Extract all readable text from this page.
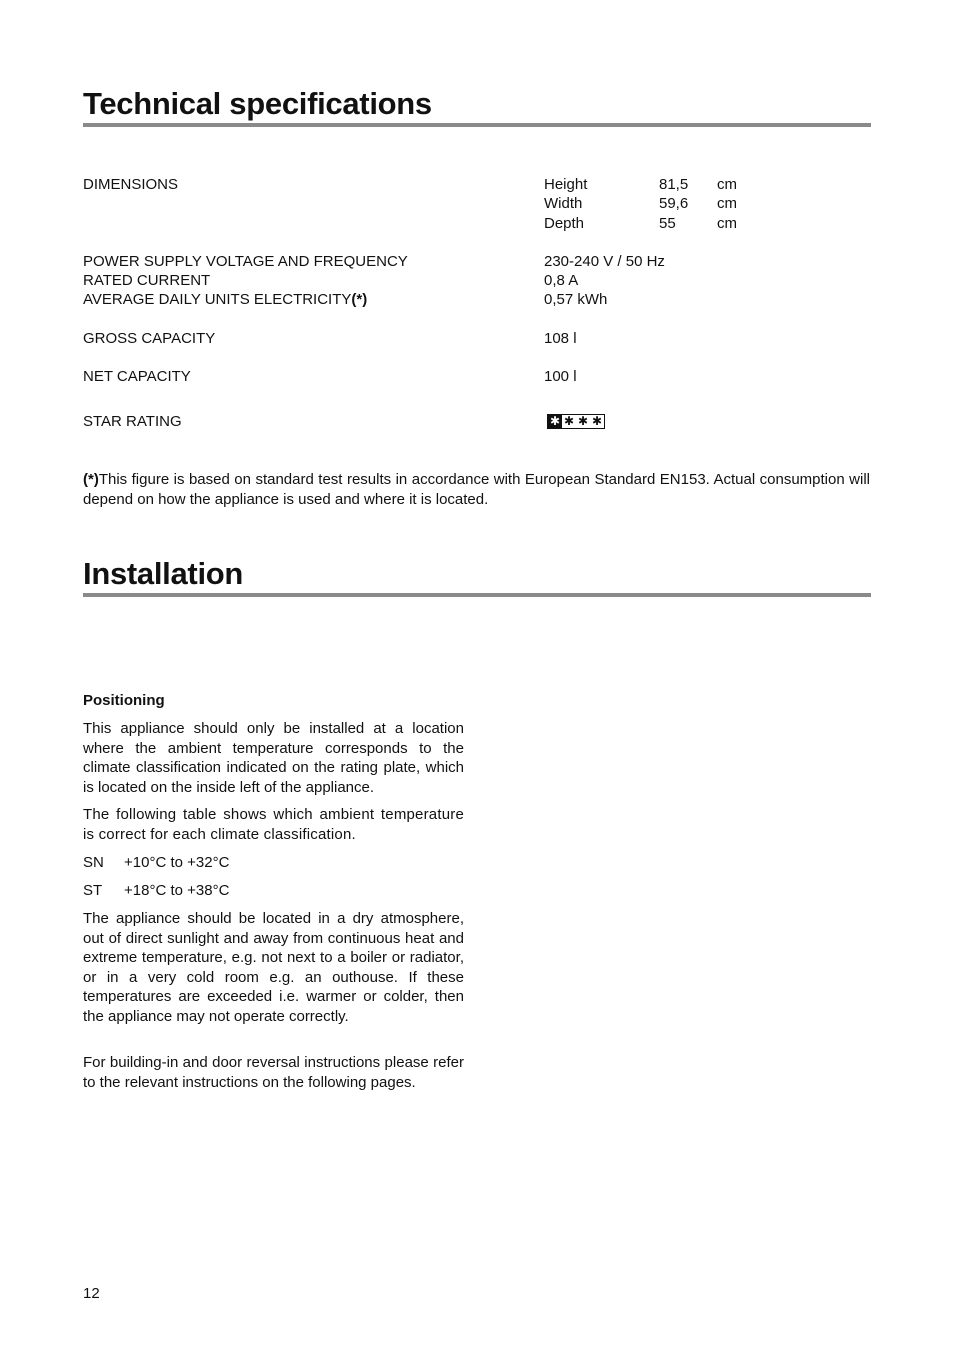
Technical specifications
DIMENSIONS	Height	81,5 cm
Width	59,6 cm
Depth	55	cm
POWER SUPPLY VOLTAGE AND FREQUENCY	230-240 V / 50 Hz
RATED CURRENT	0,8 A
AVERAGE DAILY UNITS ELECTRICITY(*)	0,57 kWh
GROSS CAPACITY	108 l
NET CAPACITY	100 l
STAR RATING	✱ ✱ ✱ ✱
(*)This figure is based on standard test results in accordance with European Standard EN153. Actual consumption will depend on how the appliance is used and where it is located.
Installation
Positioning

This appliance should only be installed at a location where the ambient temperature corresponds to the climate classification indicated on the rating plate, which is located on the inside left of the appliance.

The following table shows which ambient temperature is correct for each climate classification.

SN +10°C to +32°C
ST +18°C to +38°C

The appliance should be located in a dry atmosphere, out of direct sunlight and away from continuous heat and extreme temperature, e.g. not next to a boiler or radiator, or in a very cold room e.g. an outhouse. If these temperatures are exceeded i.e. warmer or colder, then the appliance may not operate correctly.

For building-in and door reversal instructions please refer to the relevant instructions on the following pages.

12
